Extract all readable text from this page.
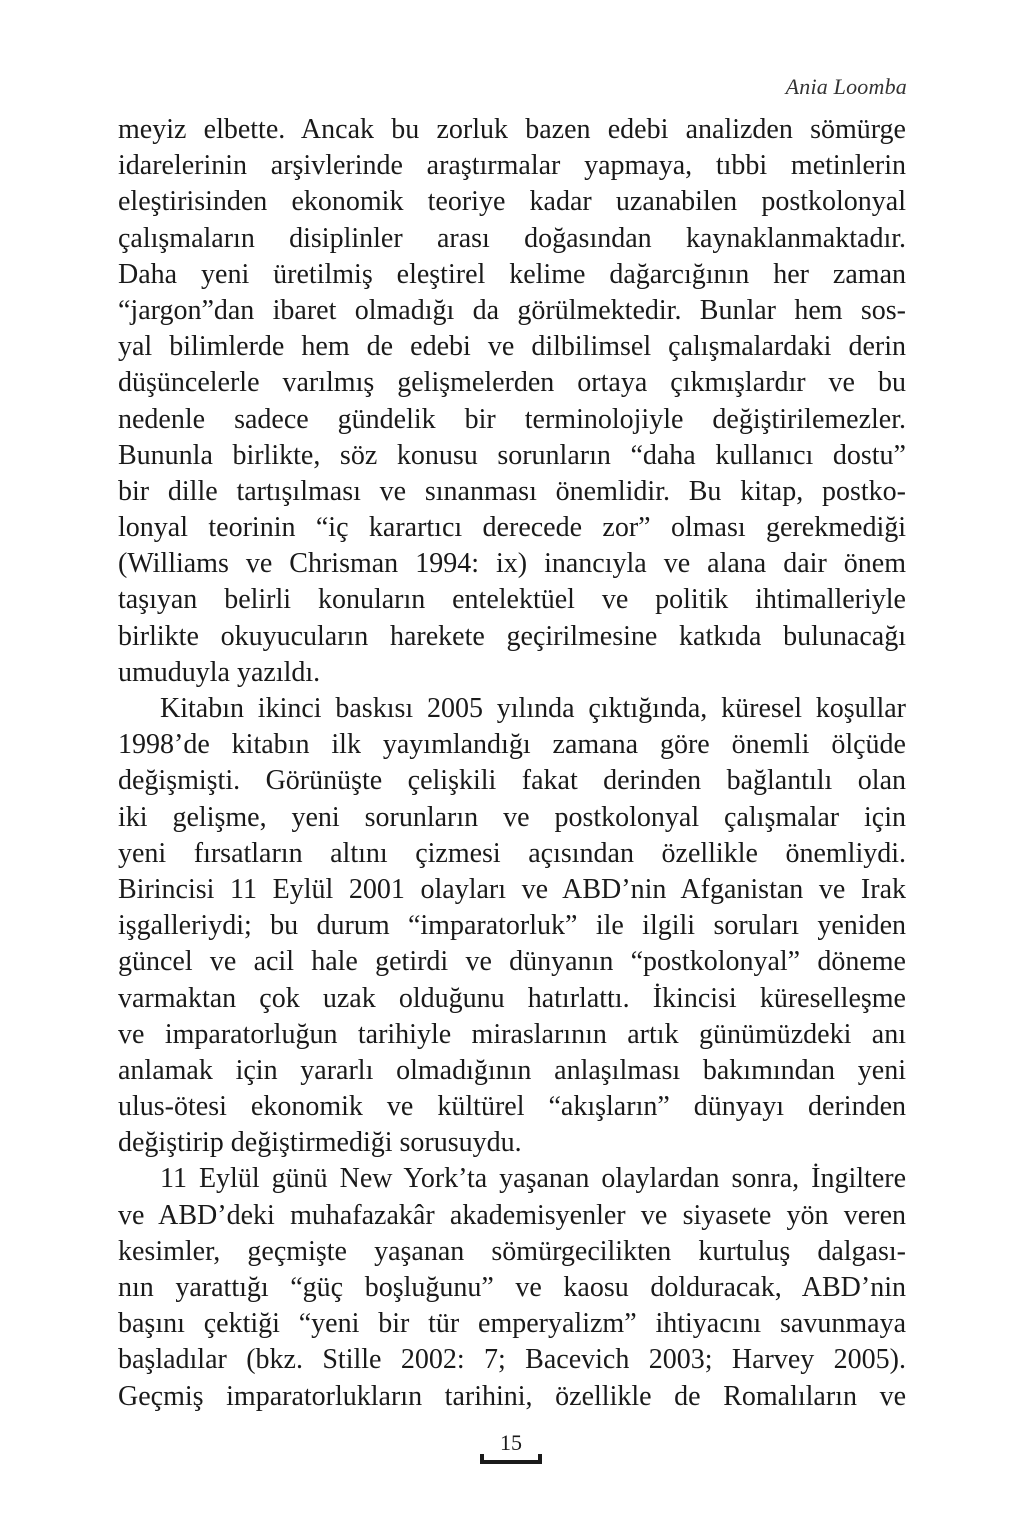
Ania Loomba
meyiz elbette. Ancak bu zorluk bazen edebi analizden sömürge
idarelerinin arşivlerinde araştırmalar yapmaya, tıbbi metinlerin
eleştirisinden ekonomik teoriye kadar uzanabilen postkolonyal
çalışmaların disiplinler arası doğasından kaynaklanmaktadır.
Daha yeni üretilmiş eleştirel kelime dağarcığının her zaman
“jargon”dan ibaret olmadığı da görülmektedir. Bunlar hem sos-
yal bilimlerde hem de edebi ve dilbilimsel çalışmalardaki derin
düşüncelerle varılmış gelişmelerden ortaya çıkmışlardır ve bu
nedenle sadece gündelik bir terminolojiyle değiştirilemezler.
Bununla birlikte, söz konusu sorunların “daha kullanıcı dostu”
bir dille tartışılması ve sınanması önemlidir. Bu kitap, postko-
lonyal teorinin “iç karartıcı derecede zor” olması gerekmediği
(Williams ve Chrisman 1994: ix) inancıyla ve alana dair önem
taşıyan belirli konuların entelektüel ve politik ihtimalleriyle
birlikte okuyucuların harekete geçirilmesine katkıda bulunacağı
umuduyla yazıldı.
Kitabın ikinci baskısı 2005 yılında çıktığında, küresel koşullar
1998’de kitabın ilk yayımlandığı zamana göre önemli ölçüde
değişmişti. Görünüşte çelişkili fakat derinden bağlantılı olan
iki gelişme, yeni sorunların ve postkolonyal çalışmalar için
yeni fırsatların altını çizmesi açısından özellikle önemliydi.
Birincisi 11 Eylül 2001 olayları ve ABD’nin Afganistan ve Irak
işgalleriydi; bu durum “imparatorluk” ile ilgili soruları yeniden
güncel ve acil hale getirdi ve dünyanın “postkolonyal” döneme
varmaktan çok uzak olduğunu hatırlattı. İkincisi küreselleşme
ve imparatorluğun tarihiyle miraslarının artık günümüzdeki anı
anlamak için yararlı olmadığının anlaşılması bakımından yeni
ulus-ötesi ekonomik ve kültürel “akışların” dünyayı derinden
değiştirip değiştirmediği sorusuydu.
11 Eylül günü New York’ta yaşanan olaylardan sonra, İngiltere
ve ABD’deki muhafazakâr akademisyenler ve siyasete yön veren
kesimler, geçmişte yaşanan sömürgecilikten kurtuluş dalgası-
nın yarattığı “güç boşluğunu” ve kaosu dolduracak, ABD’nin
başını çektiği “yeni bir tür emperyalizm” ihtiyacını savunmaya
başladılar (bkz. Stille 2002: 7; Bacevich 2003; Harvey 2005).
Geçmiş imparatorlukların tarihini, özellikle de Romalıların ve
15
